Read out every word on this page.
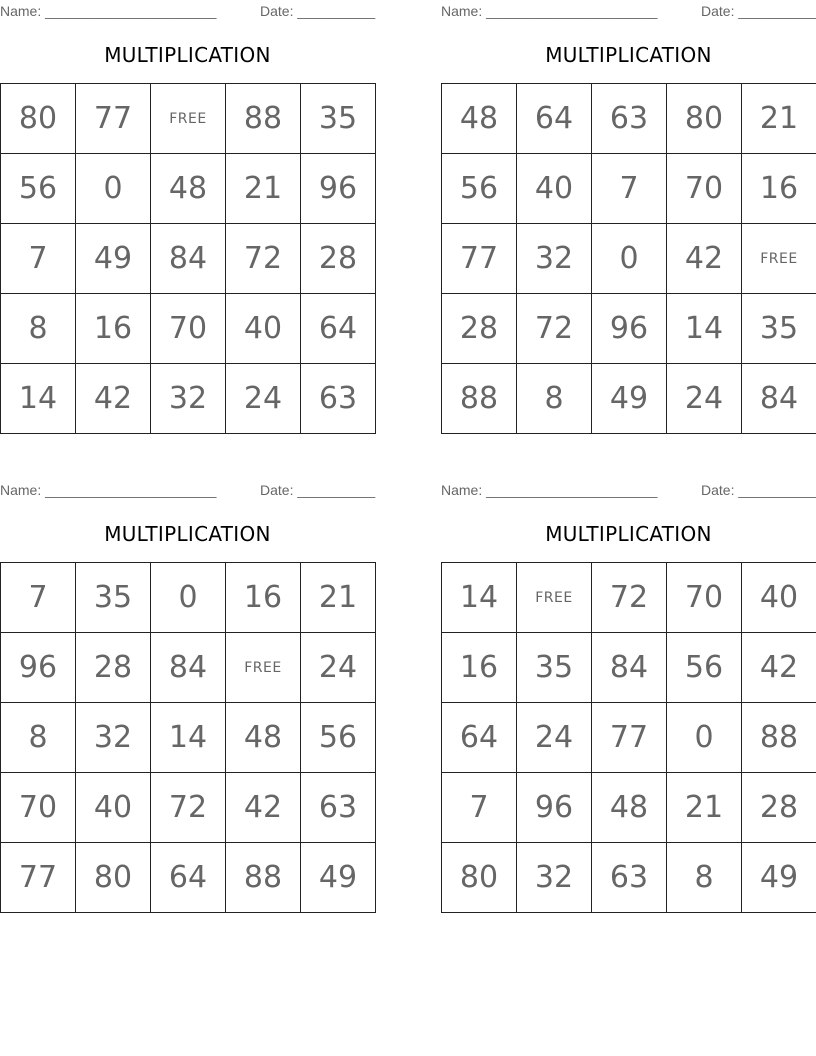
Name: ______________________	Date: __________
MULTIPLICATION
80	77	FREE	88	35
56	0	48	21	96
7	49	84	72	28
8	16	70	40	64
14	42	32	24	63
Name: ______________________	Date: __________
MULTIPLICATION
48	64	63	80	21
56	40	7	70	16
77	32	0	42	FREE
28	72	96	14	35
88	8	49	24	84
Name: ______________________	Date: __________
MULTIPLICATION
7	35	0	16	21
96	28	84	FREE	24
8	32	14	48	56
70	40	72	42	63
77	80	64	88	49
Name: ______________________	Date: __________
MULTIPLICATION
14	FREE	72	70	40
16	35	84	56	42
64	24	77	0	88
7	96	48	21	28
80	32	63	8	49
